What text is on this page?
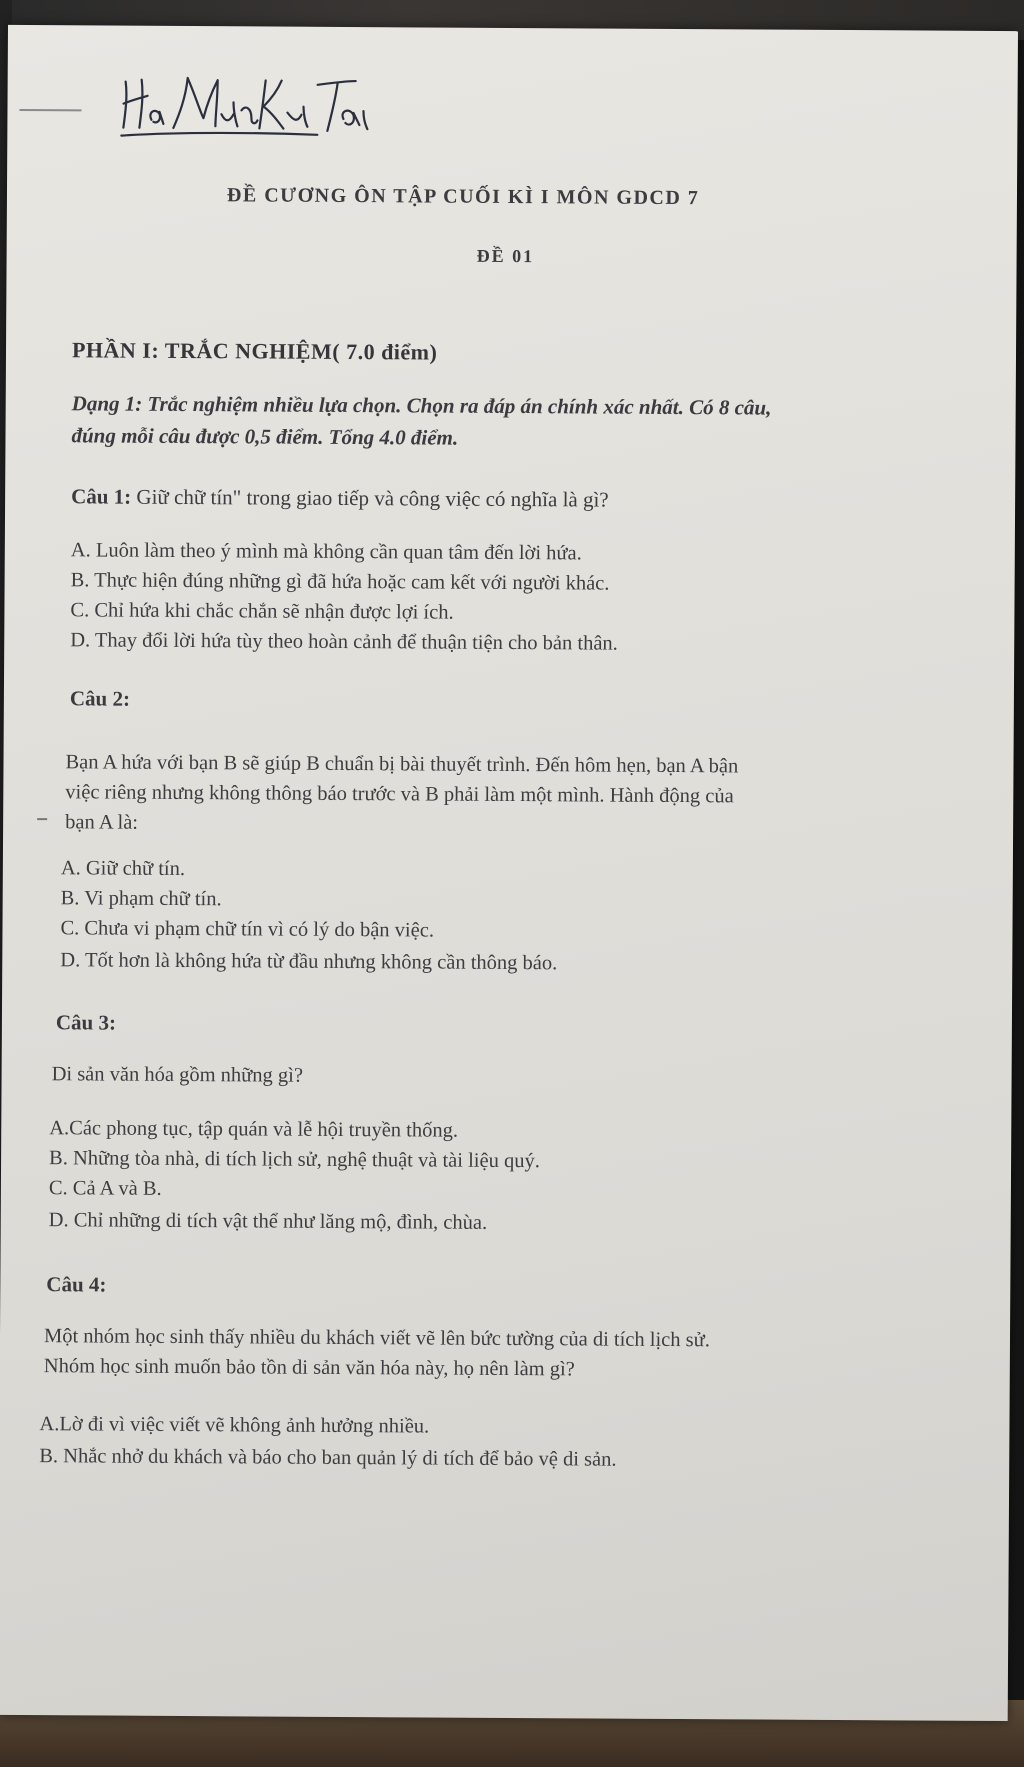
ĐỀ CƯƠNG ÔN TẬP CUỐI KÌ I MÔN GDCD 7
ĐỀ 01
PHẦN I: TRẮC NGHIỆM( 7.0 điểm)
Dạng 1: Trắc nghiệm nhiều lựa chọn. Chọn ra đáp án chính xác nhất. Có 8 câu,
đúng mỗi câu được 0,5 điểm. Tổng 4.0 điểm.
Câu 1: Giữ chữ tín" trong giao tiếp và công việc có nghĩa là gì?
A. Luôn làm theo ý mình mà không cần quan tâm đến lời hứa.
B. Thực hiện đúng những gì đã hứa hoặc cam kết với người khác.
C. Chỉ hứa khi chắc chắn sẽ nhận được lợi ích.
D. Thay đổi lời hứa tùy theo hoàn cảnh để thuận tiện cho bản thân.
Câu 2:
Bạn A hứa với bạn B sẽ giúp B chuẩn bị bài thuyết trình. Đến hôm hẹn, bạn A bận
việc riêng nhưng không thông báo trước và B phải làm một mình. Hành động của
bạn A là:
A. Giữ chữ tín.
B. Vi phạm chữ tín.
C. Chưa vi phạm chữ tín vì có lý do bận việc.
D. Tốt hơn là không hứa từ đầu nhưng không cần thông báo.
Câu 3:
Di sản văn hóa gồm những gì?
A.Các phong tục, tập quán và lễ hội truyền thống.
B. Những tòa nhà, di tích lịch sử, nghệ thuật và tài liệu quý.
C. Cả A và B.
D. Chỉ những di tích vật thể như lăng mộ, đình, chùa.
Câu 4:
Một nhóm học sinh thấy nhiều du khách viết vẽ lên bức tường của di tích lịch sử.
Nhóm học sinh muốn bảo tồn di sản văn hóa này, họ nên làm gì?
A.Lờ đi vì việc viết vẽ không ảnh hưởng nhiều.
B. Nhắc nhở du khách và báo cho ban quản lý di tích để bảo vệ di sản.
